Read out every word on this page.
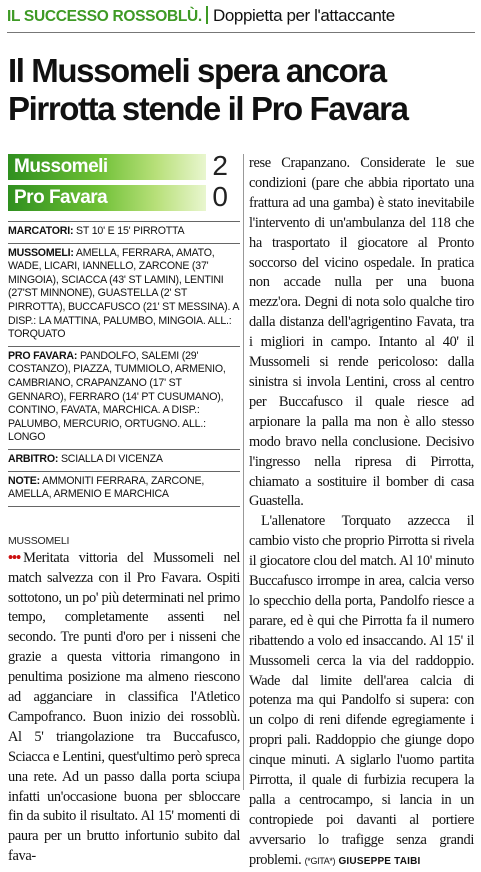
IL SUCCESSO ROSSOBLÙ. Doppietta per l'attaccante
Il Mussomeli spera ancora
Pirrotta stende il Pro Favara
Mussomeli	2
Pro Favara	0
MARCATORI: ST 10' E 15' PIRROTTA
MUSSOMELI: AMELLA, FERRARA, AMATO, WADE, LICARI, IANNELLO, ZARCONE (37' MINGOIA), SCIACCA (43' ST LAMIN), LENTINI (27'ST MINNONE), GUASTELLA (2' ST PIRROTTA), BUCCAFUSCO (21' ST MESSINA). A DISP.: LA MATTINA, PALUMBO, MINGOIA. ALL.: TORQUATO
PRO FAVARA: PANDOLFO, SALEMI (29' COSTANZO), PIAZZA, TUMMIOLO, ARMENIO, CAMBRIANO, CRAPANZANO (17' ST GENNARO), FERRARO (14' PT CUSUMANO), CONTINO, FAVATA, MARCHICA. A DISP.: PALUMBO, MERCURIO, ORTUGNO. ALL.: LONGO
ARBITRO: SCIALLA DI VICENZA
NOTE: AMMONITI FERRARA, ZARCONE, AMELLA, ARMENIO E MARCHICA
MUSSOMELI
••• Meritata vittoria del Mussomeli nel match salvezza con il Pro Favara. Ospiti sottotono, un po' più determinati nel primo tempo, completamente assenti nel secondo. Tre punti d'oro per i nisseni che grazie a questa vittoria rimangono in penultima posizione ma almeno riescono ad agganciare in classifica l'Atletico Campofranco. Buon inizio dei rossoblù. Al 5' triangolazione tra Buccafusco, Sciacca e Lentini, quest'ultimo però spreca una rete. Ad un passo dalla porta sciupa infatti un'occasione buona per sbloccare fin da subito il risultato. Al 15' momenti di paura per un brutto infortunio subito dal fava-

rese Crapanzano. Considerate le sue condizioni (pare che abbia riportato una frattura ad una gamba) è stato inevitabile l'intervento di un'ambulanza del 118 che ha trasportato il giocatore al Pronto soccorso del vicino ospedale. In pratica non accade nulla per una buona mezz'ora. Degni di nota solo qualche tiro dalla distanza dell'agrigentino Favata, tra i migliori in campo. Intanto al 40' il Mussomeli si rende pericoloso: dalla sinistra si invola Lentini, cross al centro per Buccafusco il quale riesce ad arpionare la palla ma non è allo stesso modo bravo nella conclusione. Decisivo l'ingresso nella ripresa di Pirrotta, chiamato a sostituire il bomber di casa Guastella.

L'allenatore Torquato azzecca il cambio visto che proprio Pirrotta si rivela il giocatore clou del match. Al 10' minuto Buccafusco irrompe in area, calcia verso lo specchio della porta, Pandolfo riesce a parare, ed è qui che Pirrotta fa il numero ribattendo a volo ed insaccando. Al 15' il Mussomeli cerca la via del raddoppio. Wade dal limite dell'area calcia di potenza ma qui Pandolfo si supera: con un colpo di reni difende egregiamente i propri pali. Raddoppio che giunge dopo cinque minuti. A siglarlo l'uomo partita Pirrotta, il quale di furbizia recupera la palla a centrocampo, si lancia in un contropiede poi davanti al portiere avversario lo trafigge senza grandi problemi. (*GITA*) GIUSEPPE TAIBI
